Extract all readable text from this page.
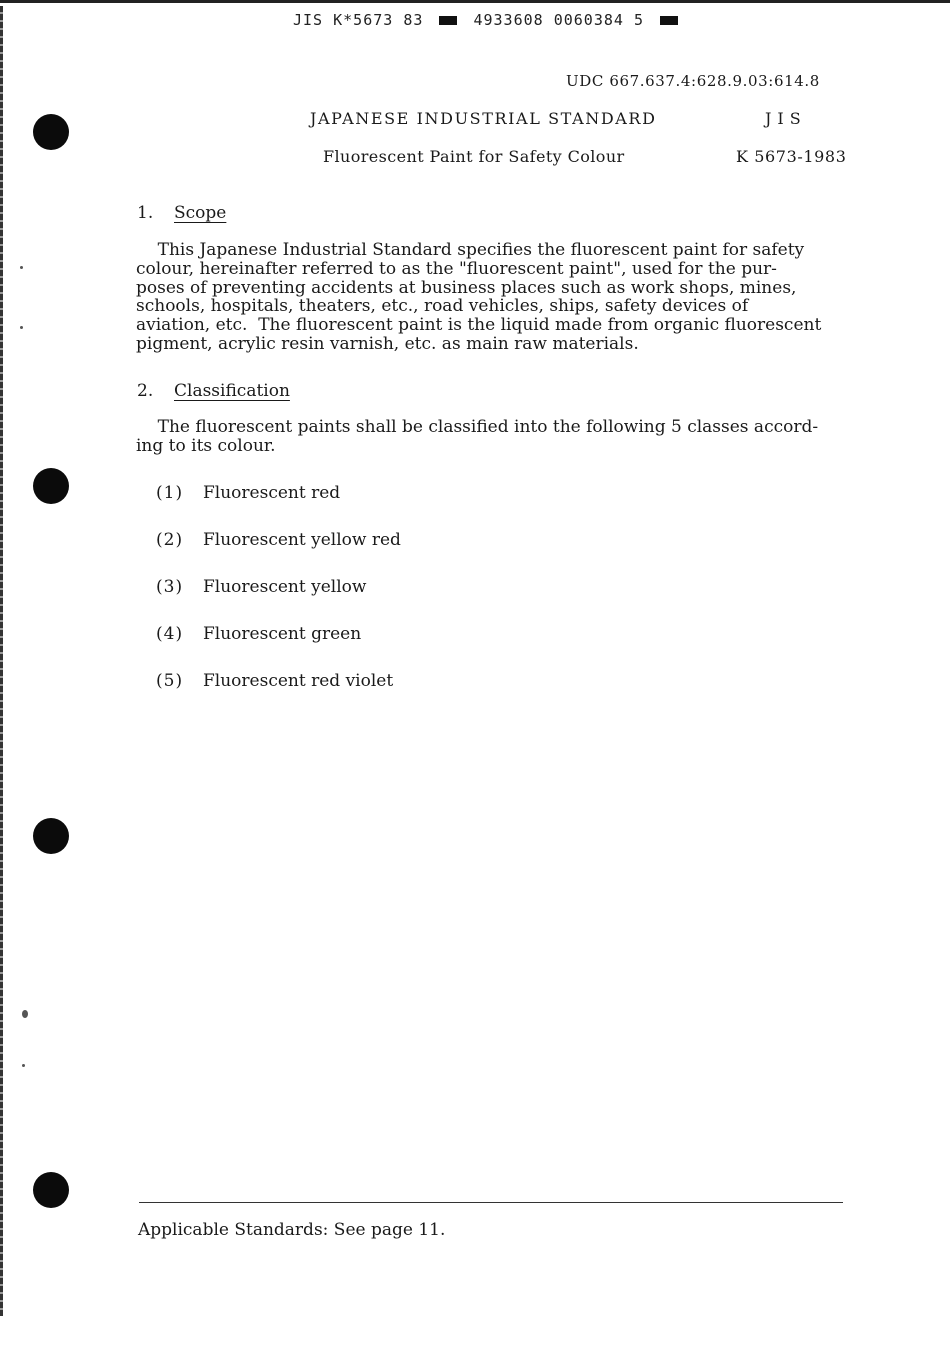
JIS K*5673 83	4933608 0060384 5
UDC 667.637.4:628.9.03:614.8
JAPANESE INDUSTRIAL STANDARD	JIS
Fluorescent Paint for Safety Colour	K 5673-1983
1. Scope
This Japanese Industrial Standard specifies the fluorescent paint for safety
colour, hereinafter referred to as the "fluorescent paint", used for the pur-
poses of preventing accidents at business places such as work shops, mines,
schools, hospitals, theaters, etc., road vehicles, ships, safety devices of
aviation, etc.  The fluorescent paint is the liquid made from organic fluorescent
pigment, acrylic resin varnish, etc. as main raw materials.
2. Classification
The fluorescent paints shall be classified into the following 5 classes accord-
ing to its colour.
(1) Fluorescent red
(2) Fluorescent yellow red
(3) Fluorescent yellow
(4) Fluorescent green
(5) Fluorescent red violet
Applicable Standards: See page 11.
